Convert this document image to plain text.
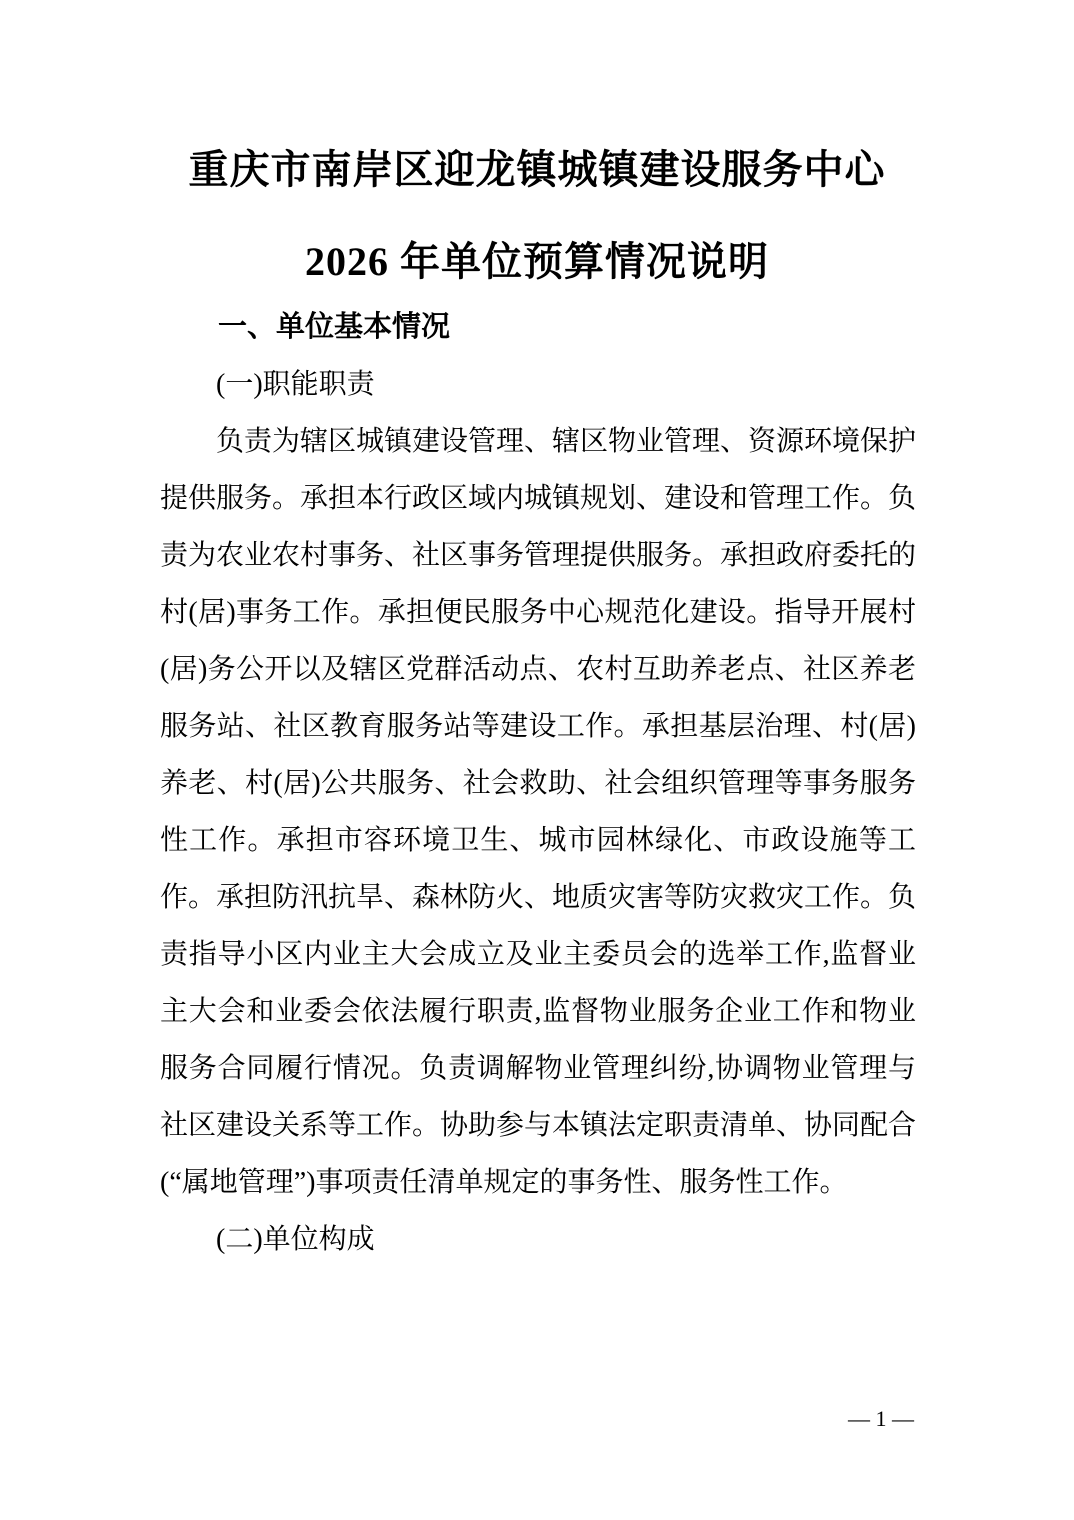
重庆市南岸区迎龙镇城镇建设服务中心
2026 年单位预算情况说明
一、单位基本情况
(一)职能职责

负责为辖区城镇建设管理、辖区物业管理、资源环境保护提供服务。承担本行政区域内城镇规划、建设和管理工作。负责为农业农村事务、社区事务管理提供服务。承担政府委托的村(居)事务工作。承担便民服务中心规范化建设。指导开展村(居)务公开以及辖区党群活动点、农村互助养老点、社区养老服务站、社区教育服务站等建设工作。承担基层治理、村(居)养老、村(居)公共服务、社会救助、社会组织管理等事务服务性工作。承担市容环境卫生、城市园林绿化、市政设施等工作。承担防汛抗旱、森林防火、地质灾害等防灾救灾工作。负责指导小区内业主大会成立及业主委员会的选举工作,监督业主大会和业委会依法履行职责,监督物业服务企业工作和物业服务合同履行情况。负责调解物业管理纠纷,协调物业管理与社区建设关系等工作。协助参与本镇法定职责清单、协同配合(“属地管理”)事项责任清单规定的事务性、服务性工作。

(二)单位构成
— 1 —
